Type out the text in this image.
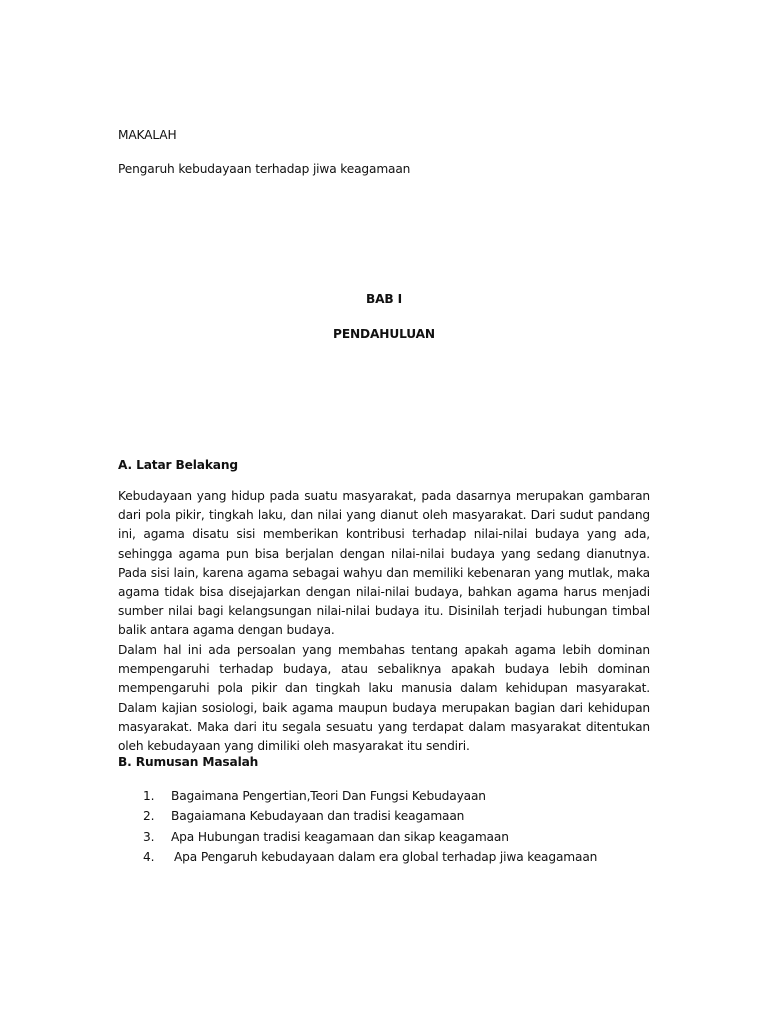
MAKALAH
Pengaruh kebudayaan terhadap jiwa keagamaan
BAB I
PENDAHULUAN
A. Latar Belakang
Kebudayaan yang hidup pada suatu masyarakat, pada dasarnya merupakan gambaran dari pola pikir, tingkah laku, dan nilai yang dianut oleh masyarakat. Dari sudut pandang ini, agama disatu sisi memberikan kontribusi terhadap nilai-nilai budaya yang ada, sehingga agama pun bisa berjalan dengan nilai-nilai budaya yang sedang dianutnya. Pada sisi lain, karena agama sebagai wahyu dan memiliki kebenaran yang mutlak, maka agama tidak bisa disejajarkan dengan nilai-nilai budaya, bahkan agama harus menjadi sumber nilai bagi kelangsungan nilai-nilai budaya itu. Disinilah terjadi hubungan timbal balik antara agama dengan budaya.
Dalam hal ini ada persoalan yang membahas tentang apakah agama lebih dominan mempengaruhi terhadap budaya, atau sebaliknya apakah budaya lebih dominan mempengaruhi pola pikir dan tingkah laku manusia dalam kehidupan masyarakat. Dalam kajian sosiologi, baik agama maupun budaya merupakan bagian dari kehidupan masyarakat. Maka dari itu segala sesuatu yang terdapat dalam masyarakat ditentukan oleh kebudayaan yang dimiliki oleh masyarakat itu sendiri.
B. Rumusan Masalah
1. Bagaimana Pengertian,Teori Dan Fungsi Kebudayaan
2. Bagaiamana Kebudayaan dan tradisi keagamaan
3. Apa Hubungan tradisi keagamaan dan sikap keagamaan
4. Apa Pengaruh kebudayaan dalam era global terhadap jiwa keagamaan
